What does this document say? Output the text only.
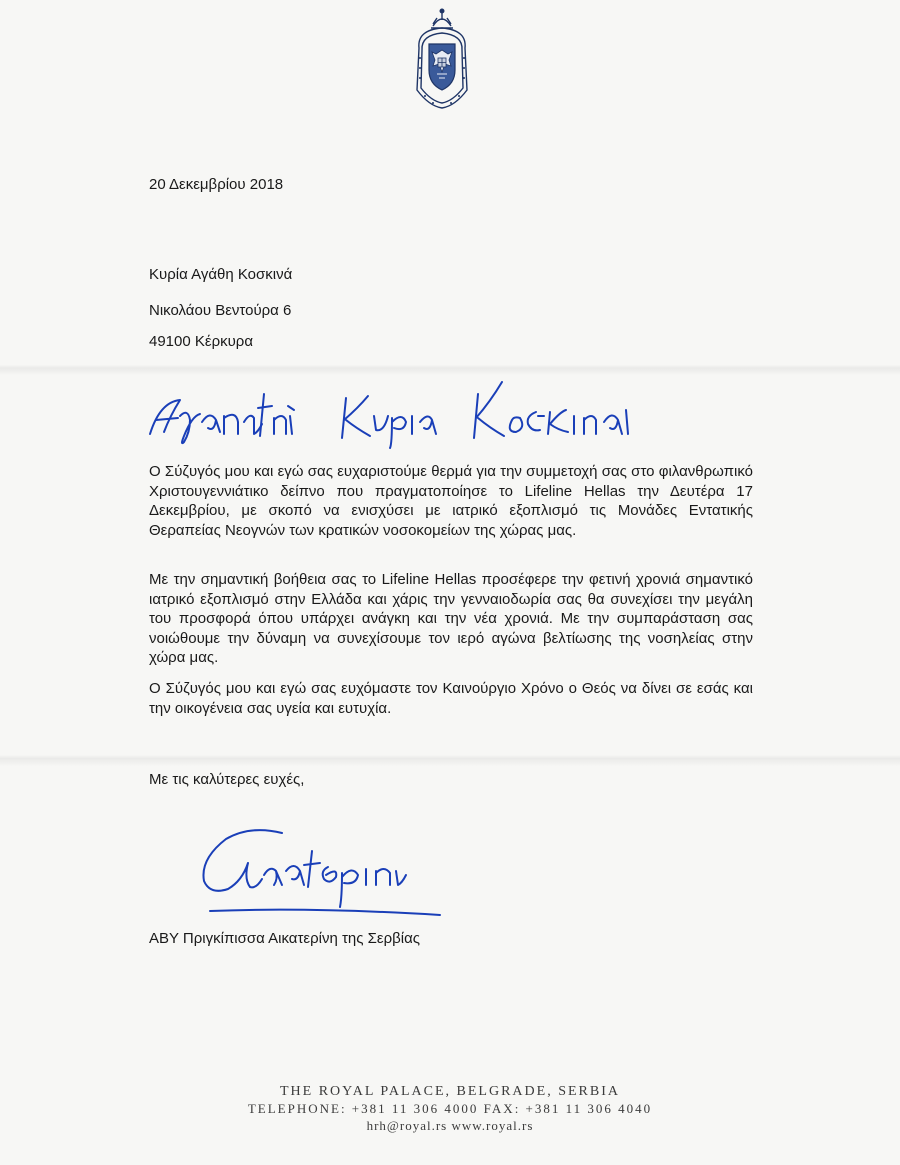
20 Δεκεμβρίου 2018
Κυρία Αγάθη Κοσκινά
Νικολάου Βεντούρα 6
49100 Κέρκυρα

Ο Σύζυγός μου και εγώ σας ευχαριστούμε θερμά για την συμμετοχή σας στο φιλανθρωπικό Χριστουγεννιάτικο δείπνο που πραγματοποίησε το Lifeline Hellas την Δευτέρα 17 Δεκεμβρίου, με σκοπό να ενισχύσει με ιατρικό εξοπλισμό τις Μονάδες Εντατικής Θεραπείας Νεογνών των κρατικών νοσοκομείων της χώρας μας.

Με την σημαντική βοήθεια σας το Lifeline Hellas προσέφερε την φετινή χρονιά σημαντικό ιατρικό εξοπλισμό στην Ελλάδα και χάρις την γενναιοδωρία σας θα συνεχίσει την μεγάλη του προσφορά όπου υπάρχει ανάγκη και την νέα χρονιά. Με την συμπαράσταση σας νοιώθουμε την δύναμη να συνεχίσουμε τον ιερό αγώνα βελτίωσης της νοσηλείας στην χώρα μας.

Ο Σύζυγός μου και εγώ σας ευχόμαστε τον Καινούργιο Χρόνο ο Θεός να δίνει σε εσάς και την οικογένεια σας υγεία και ευτυχία.

Με τις καλύτερες ευχές,
ΑΒΥ Πριγκίπισσα Αικατερίνη της Σερβίας
THE ROYAL PALACE, BELGRADE, SERBIA
TELEPHONE: +381 11 306 4000 FAX: +381 11 306 4040
hrh@royal.rs www.royal.rs
